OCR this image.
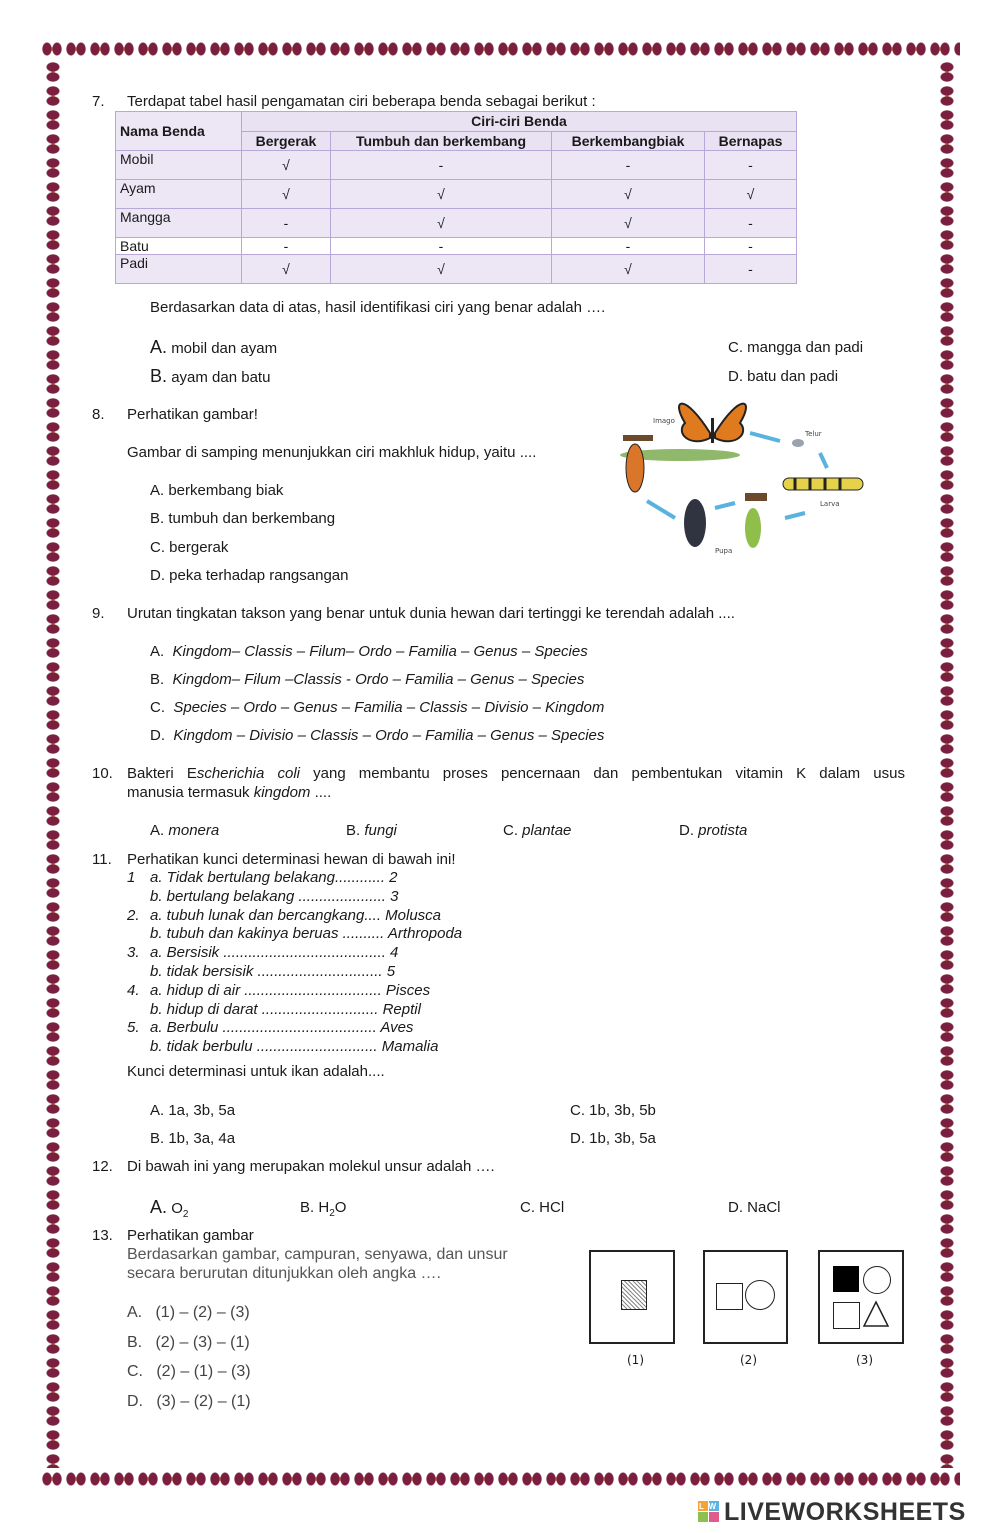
7. Terdapat tabel hasil pengamatan ciri beberapa benda sebagai berikut :
Nama Benda	Ciri-ciri Benda			
	Bergerak	Tumbuh dan berkembang	Berkembangbiak	Bernapas
Mobil	√	-	-	-
Ayam	√	√	√	√
Mangga	-	√	√	-
Batu	-	-	-	-
Padi	√	√	√	-
Berdasarkan data di atas, hasil identifikasi ciri yang benar adalah ….
A. mobil dan ayam
B. ayam dan batu
C. mangga dan padi
D. batu dan padi
8. Perhatikan gambar!
Gambar di samping menunjukkan ciri makhluk hidup, yaitu ....
A. berkembang biak
B. tumbuh dan berkembang
C. bergerak
D. peka terhadap rangsangan
Imago
Telur
Larva
Pupa
9. Urutan tingkatan takson yang benar untuk dunia hewan dari tertinggi ke terendah adalah ....
A. Kingdom– Classis – Filum– Ordo – Familia – Genus – Species
B. Kingdom– Filum –Classis - Ordo – Familia – Genus – Species
C. Species – Ordo – Genus – Familia – Classis – Divisio – Kingdom
D. Kingdom – Divisio – Classis – Ordo – Familia – Genus – Species
10. Bakteri Escherichia coli yang membantu proses pencernaan dan pembentukan vitamin K dalam usus
manusia termasuk kingdom ....
A. monera	B. fungi	C. plantae	D. protista
11. Perhatikan kunci determinasi hewan di bawah ini!
1 a. Tidak bertulang belakang............ 2
b. bertulang belakang ..................... 3
2. a. tubuh lunak dan bercangkang.... Molusca
b. tubuh dan kakinya beruas .......... Arthropoda
3. a. Bersisik ....................................... 4
b. tidak bersisik .............................. 5
4. a. hidup di air ................................. Pisces
b. hidup di darat ............................ Reptil
5. a. Berbulu ..................................... Aves
b. tidak berbulu ............................. Mamalia
Kunci determinasi untuk ikan adalah....
A. 1a, 3b, 5a
B. 1b, 3a, 4a
C. 1b, 3b, 5b
D. 1b, 3b, 5a
12. Di bawah ini yang merupakan molekul unsur adalah ….
A. $O_2$	B. $H_2O$	C. HCl	D. NaCl
13. Perhatikan gambar
Berdasarkan gambar, campuran, senyawa, dan unsur
secara berurutan ditunjukkan oleh angka ….
A. (1) – (2) – (3)
B. (2) – (3) – (1)
C. (2) – (1) – (3)
D. (3) – (2) – (1)
(1)	(2)	(3)
LW LIVEWORKSHEETS
